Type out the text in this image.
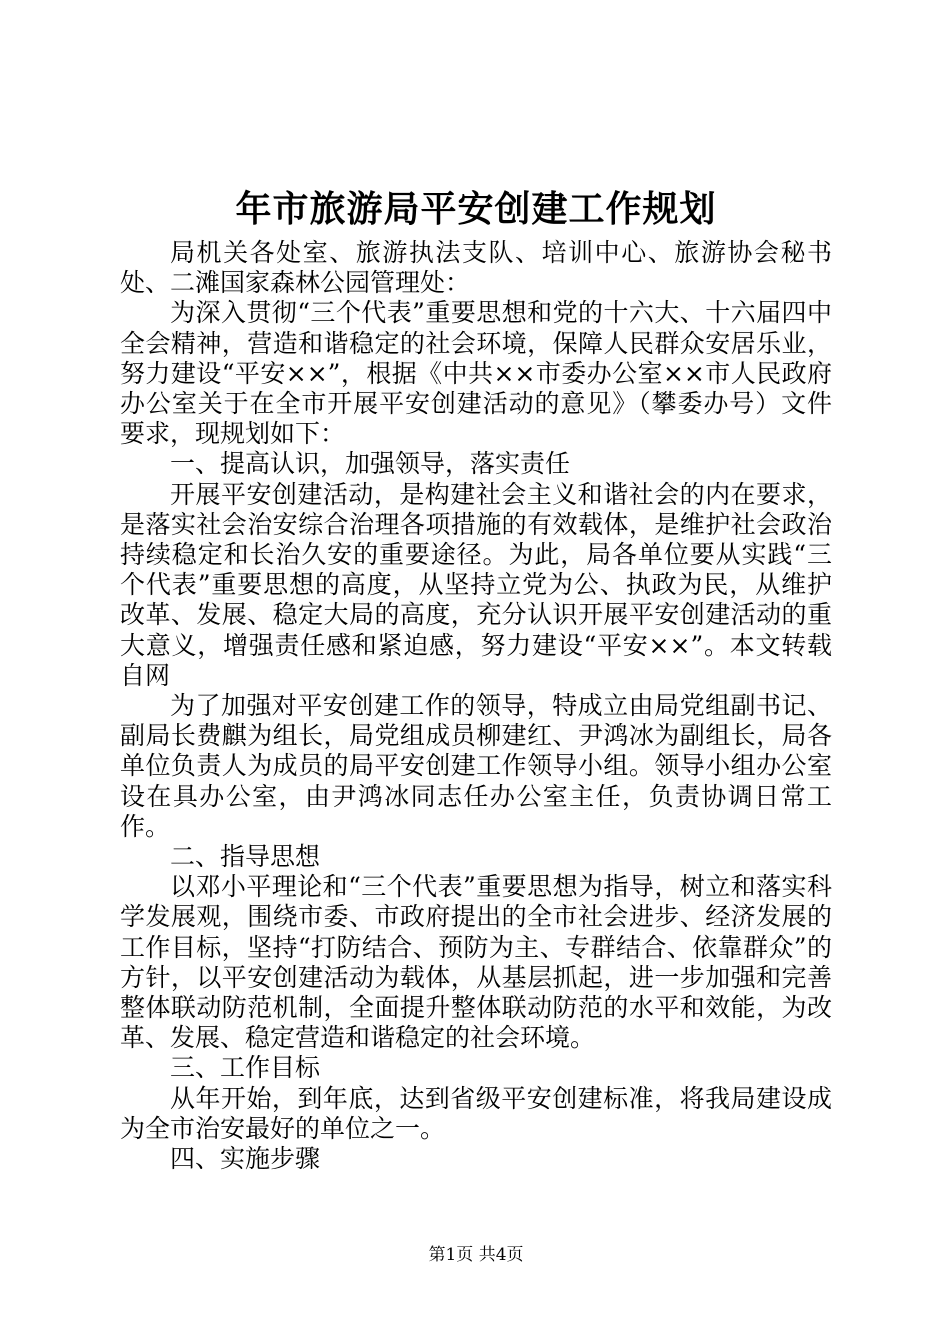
年市旅游局平安创建工作规划

局机关各处室、旅游执法支队、培训中心、旅游协会秘书处、二滩国家森林公园管理处：

为深入贯彻“三个代表”重要思想和党的十六大、十六届四中全会精神，营造和谐稳定的社会环境，保障人民群众安居乐业，努力建设“平安××”，根据《中共××市委办公室××市人民政府办公室关于在全市开展平安创建活动的意见》（攀委办号）文件要求，现规划如下：

一、提高认识，加强领导，落实责任

开展平安创建活动，是构建社会主义和谐社会的内在要求，是落实社会治安综合治理各项措施的有效载体，是维护社会政治持续稳定和长治久安的重要途径。为此，局各单位要从实践“三个代表”重要思想的高度，从坚持立党为公、执政为民，从维护改革、发展、稳定大局的高度，充分认识开展平安创建活动的重大意义，增强责任感和紧迫感，努力建设“平安××”。本文转载自网

为了加强对平安创建工作的领导，特成立由局党组副书记、副局长费麒为组长，局党组成员柳建红、尹鸿冰为副组长，局各单位负责人为成员的局平安创建工作领导小组。领导小组办公室设在具办公室，由尹鸿冰同志任办公室主任，负责协调日常工作。

二、指导思想

以邓小平理论和“三个代表”重要思想为指导，树立和落实科学发展观，围绕市委、市政府提出的全市社会进步、经济发展的工作目标，坚持“打防结合、预防为主、专群结合、依靠群众”的方针，以平安创建活动为载体，从基层抓起，进一步加强和完善整体联动防范机制，全面提升整体联动防范的水平和效能，为改革、发展、稳定营造和谐稳定的社会环境。

三、工作目标

从年开始，到年底，达到省级平安创建标准，将我局建设成为全市治安最好的单位之一。

四、实施步骤

第1页 共4页
